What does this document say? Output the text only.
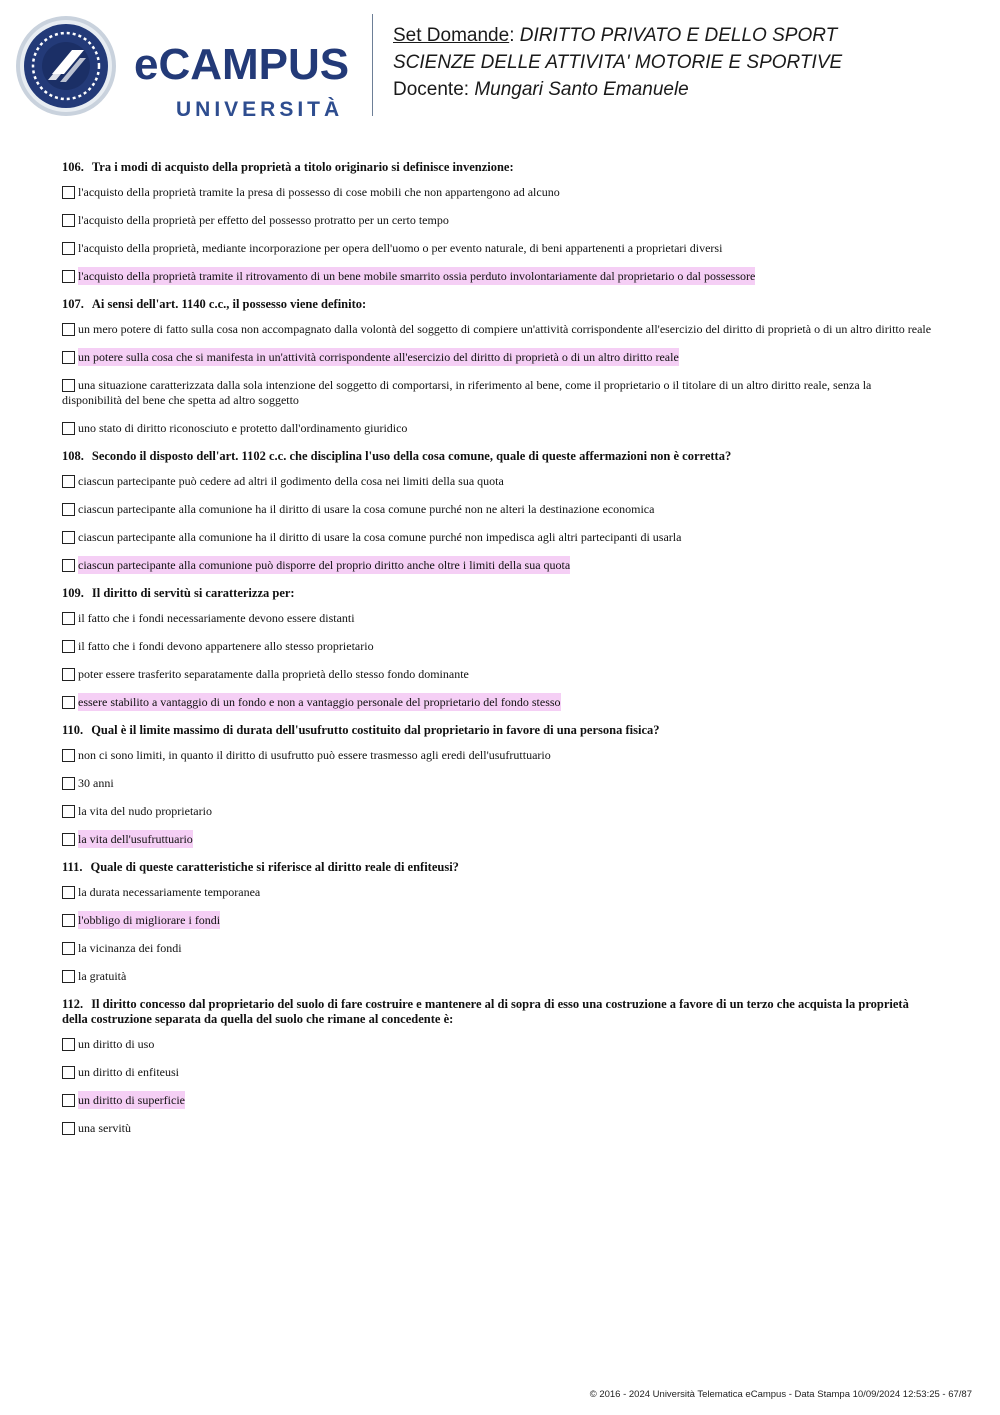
eCAMPUS
UNIVERSITÀ
Set Domande: DIRITTO PRIVATO E DELLO SPORT
SCIENZE DELLE ATTIVITA' MOTORIE E SPORTIVE
Docente: Mungari Santo Emanuele
106. Tra i modi di acquisto della proprietà a titolo originario si definisce invenzione:
l'acquisto della proprietà tramite la presa di possesso di cose mobili che non appartengono ad alcuno
l'acquisto della proprietà per effetto del possesso protratto per un certo tempo
l'acquisto della proprietà, mediante incorporazione per opera dell'uomo o per evento naturale, di beni appartenenti a proprietari diversi
l'acquisto della proprietà tramite il ritrovamento di un bene mobile smarrito ossia perduto involontariamente dal proprietario o dal possessore
107. Ai sensi dell'art. 1140 c.c., il possesso viene definito:
un mero potere di fatto sulla cosa non accompagnato dalla volontà del soggetto di compiere un'attività corrispondente all'esercizio del diritto di proprietà o di un altro diritto reale
un potere sulla cosa che si manifesta in un'attività corrispondente all'esercizio del diritto di proprietà o di un altro diritto reale
una situazione caratterizzata dalla sola intenzione del soggetto di comportarsi, in riferimento al bene, come il proprietario o il titolare di un altro diritto reale, senza la disponibilità del bene che spetta ad altro soggetto
uno stato di diritto riconosciuto e protetto dall'ordinamento giuridico
108. Secondo il disposto dell'art. 1102 c.c. che disciplina l'uso della cosa comune, quale di queste affermazioni non è corretta?
ciascun partecipante può cedere ad altri il godimento della cosa nei limiti della sua quota
ciascun partecipante alla comunione ha il diritto di usare la cosa comune purché non ne alteri la destinazione economica
ciascun partecipante alla comunione ha il diritto di usare la cosa comune purché non impedisca agli altri partecipanti di usarla
ciascun partecipante alla comunione può disporre del proprio diritto anche oltre i limiti della sua quota
109. Il diritto di servitù si caratterizza per:
il fatto che i fondi necessariamente devono essere distanti
il fatto che i fondi devono appartenere allo stesso proprietario
poter essere trasferito separatamente dalla proprietà dello stesso fondo dominante
essere stabilito a vantaggio di un fondo e non a vantaggio personale del proprietario del fondo stesso
110. Qual è il limite massimo di durata dell'usufrutto costituito dal proprietario in favore di una persona fisica?
non ci sono limiti, in quanto il diritto di usufrutto può essere trasmesso agli eredi dell'usufruttuario
30 anni
la vita del nudo proprietario
la vita dell'usufruttuario
111. Quale di queste caratteristiche si riferisce al diritto reale di enfiteusi?
la durata necessariamente temporanea
l'obbligo di migliorare i fondi
la vicinanza dei fondi
la gratuità
112. Il diritto concesso dal proprietario del suolo di fare costruire e mantenere al di sopra di esso una costruzione a favore di un terzo che acquista la proprietà della costruzione separata da quella del suolo che rimane al concedente è:
un diritto di uso
un diritto di enfiteusi
un diritto di superficie
una servitù
© 2016 - 2024 Università Telematica eCampus - Data Stampa 10/09/2024 12:53:25 - 67/87
